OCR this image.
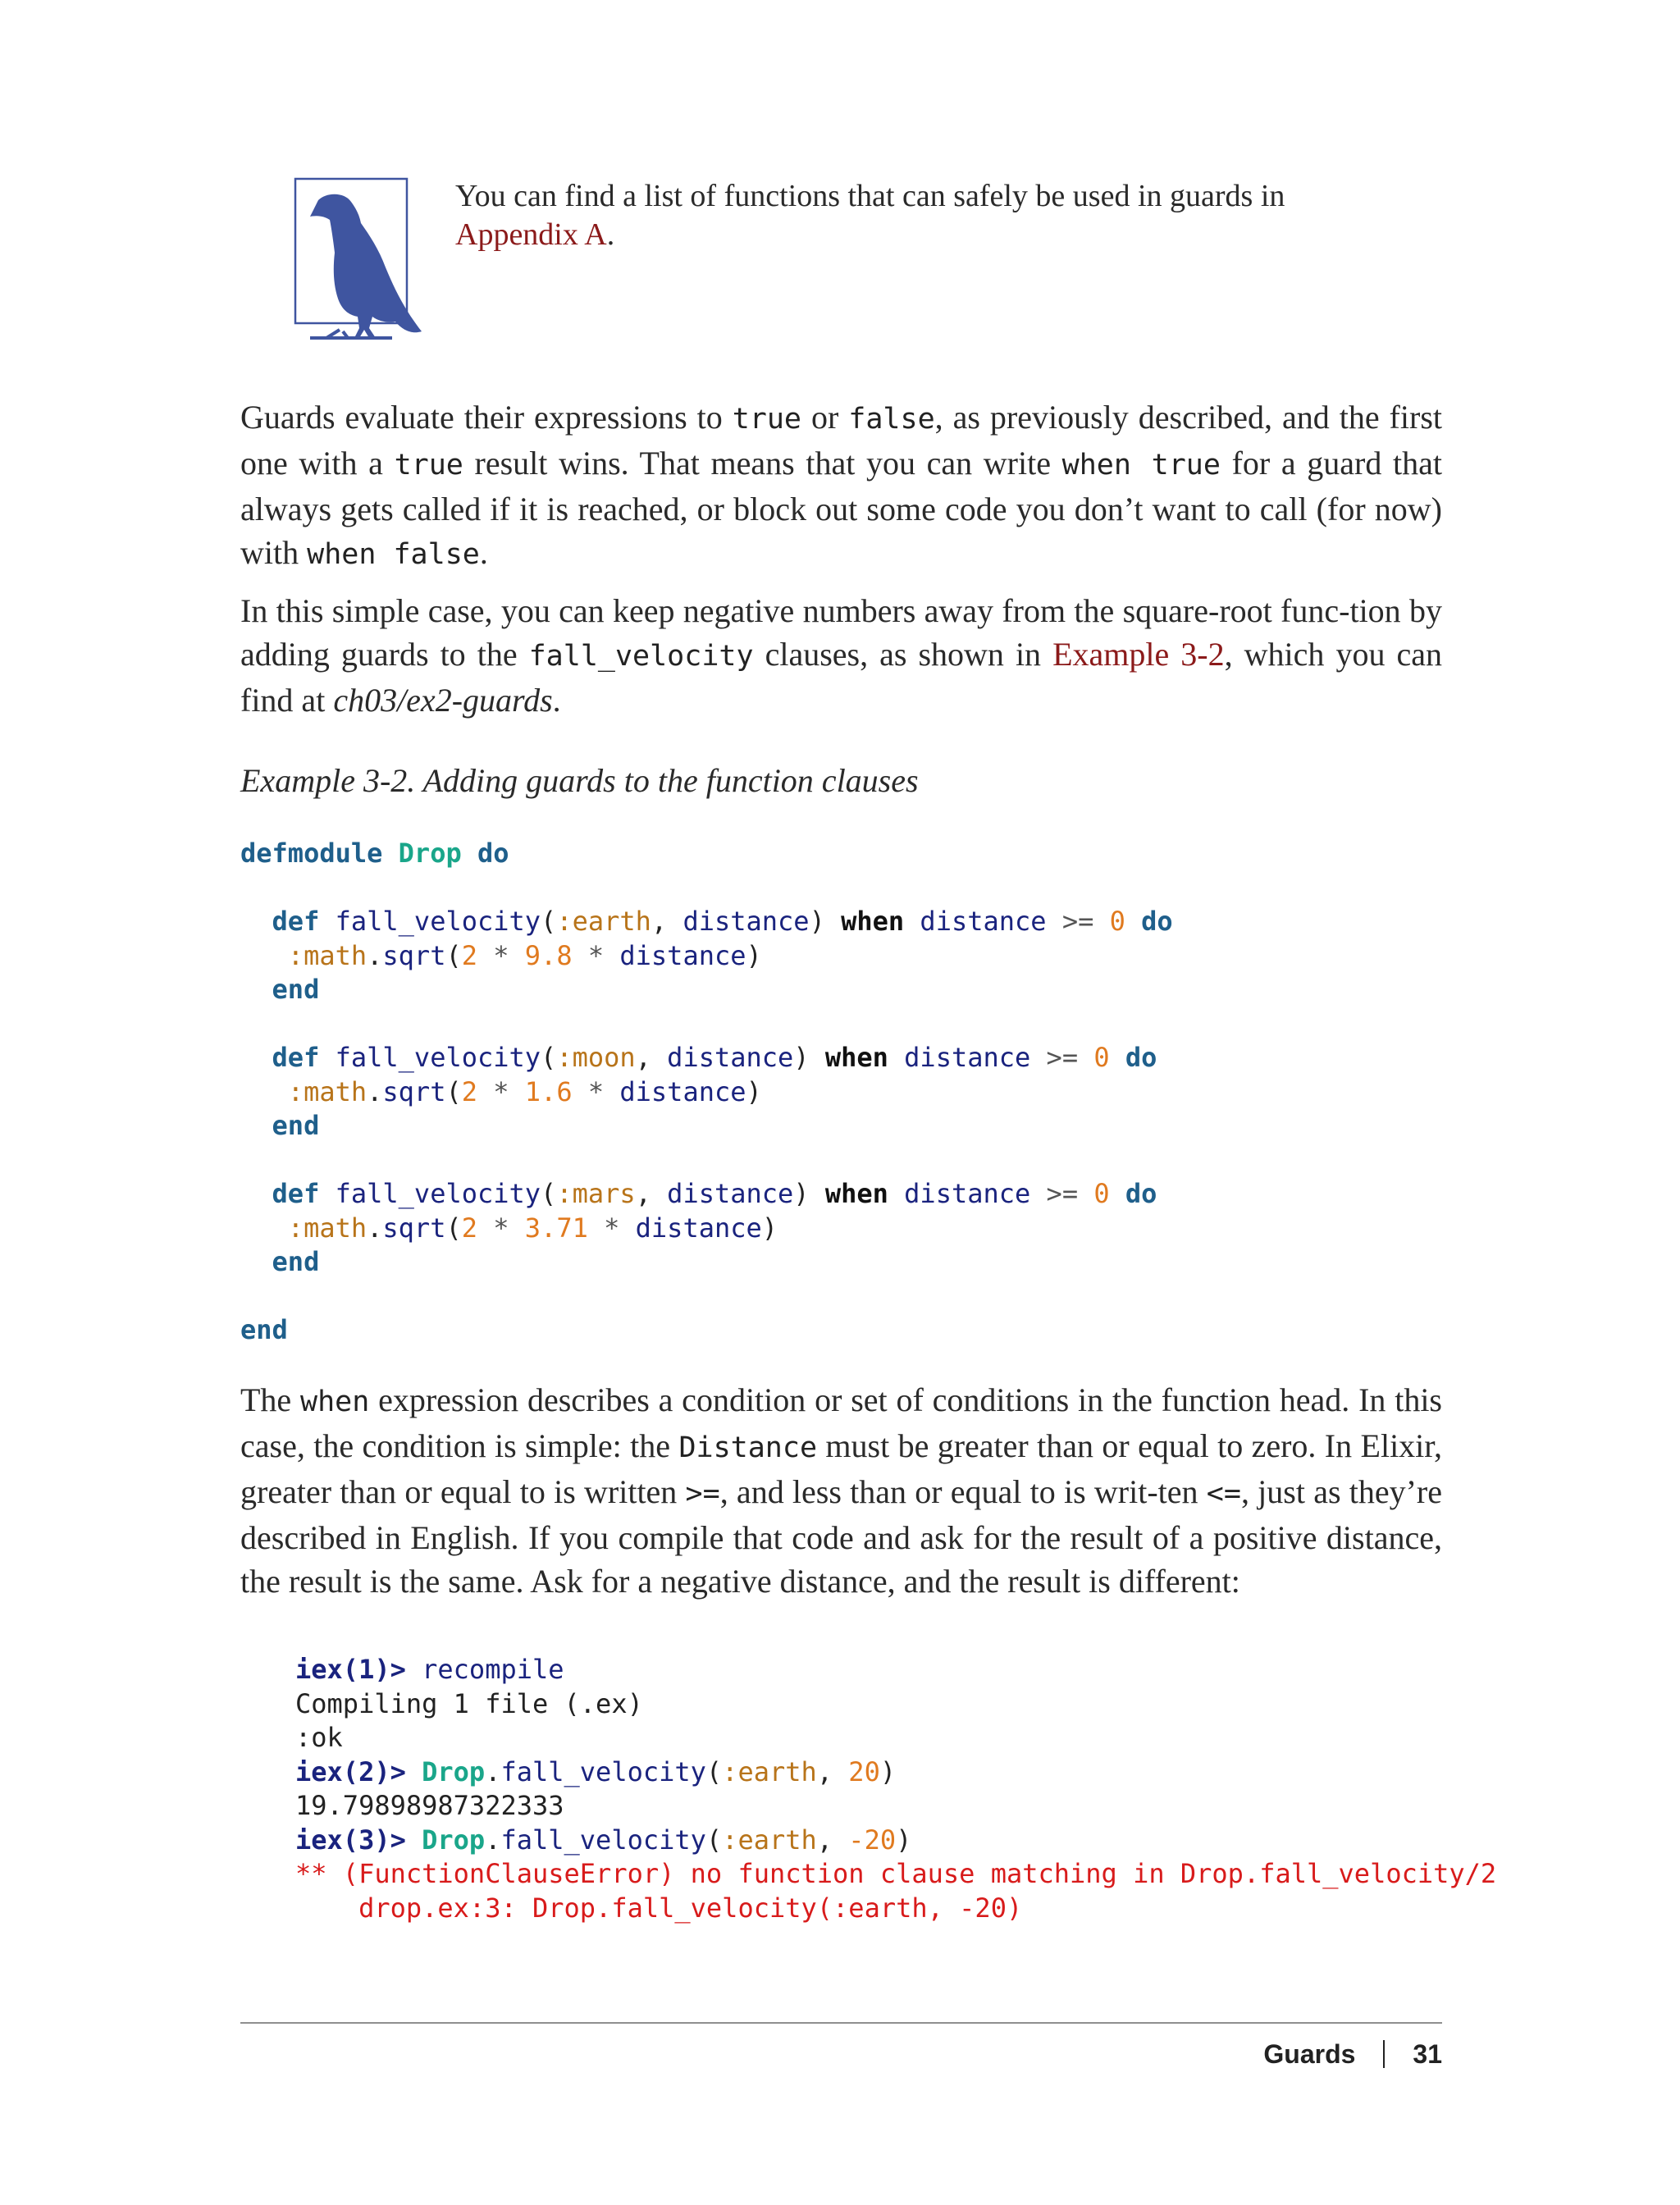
You can find a list of functions that can safely be used in guards in
Appendix A.

Guards evaluate their expressions to true or false, as previously described, and the first one with a true result wins. That means that you can write when true for a guard that always gets called if it is reached, or block out some code you don’t want to call (for now) with when false.

In this simple case, you can keep negative numbers away from the square-root func-tion by adding guards to the fall_velocity clauses, as shown in Example 3-2, which you can find at ch03/ex2-guards.

Example 3-2. Adding guards to the function clauses
defmodule Drop do

def fall_velocity(:earth, distance) when distance >= 0 do
:math.sqrt(2 * 9.8 * distance)
end

def fall_velocity(:moon, distance) when distance >= 0 do
:math.sqrt(2 * 1.6 * distance)
end

def fall_velocity(:mars, distance) when distance >= 0 do
:math.sqrt(2 * 3.71 * distance)
end

end

The when expression describes a condition or set of conditions in the function head. In this case, the condition is simple: the Distance must be greater than or equal to zero. In Elixir, greater than or equal to is written >=, and less than or equal to is writ-ten <=, just as they’re described in English. If you compile that code and ask for the result of a positive distance, the result is the same. Ask for a negative distance, and the result is different:

iex(1)> recompile
Compiling 1 file (.ex)
:ok
iex(2)> Drop.fall_velocity(:earth, 20)
19.79898987322333
iex(3)> Drop.fall_velocity(:earth, -20)
** (FunctionClauseError) no function clause matching in Drop.fall_velocity/2
drop.ex:3: Drop.fall_velocity(:earth, -20)
Guards 31
